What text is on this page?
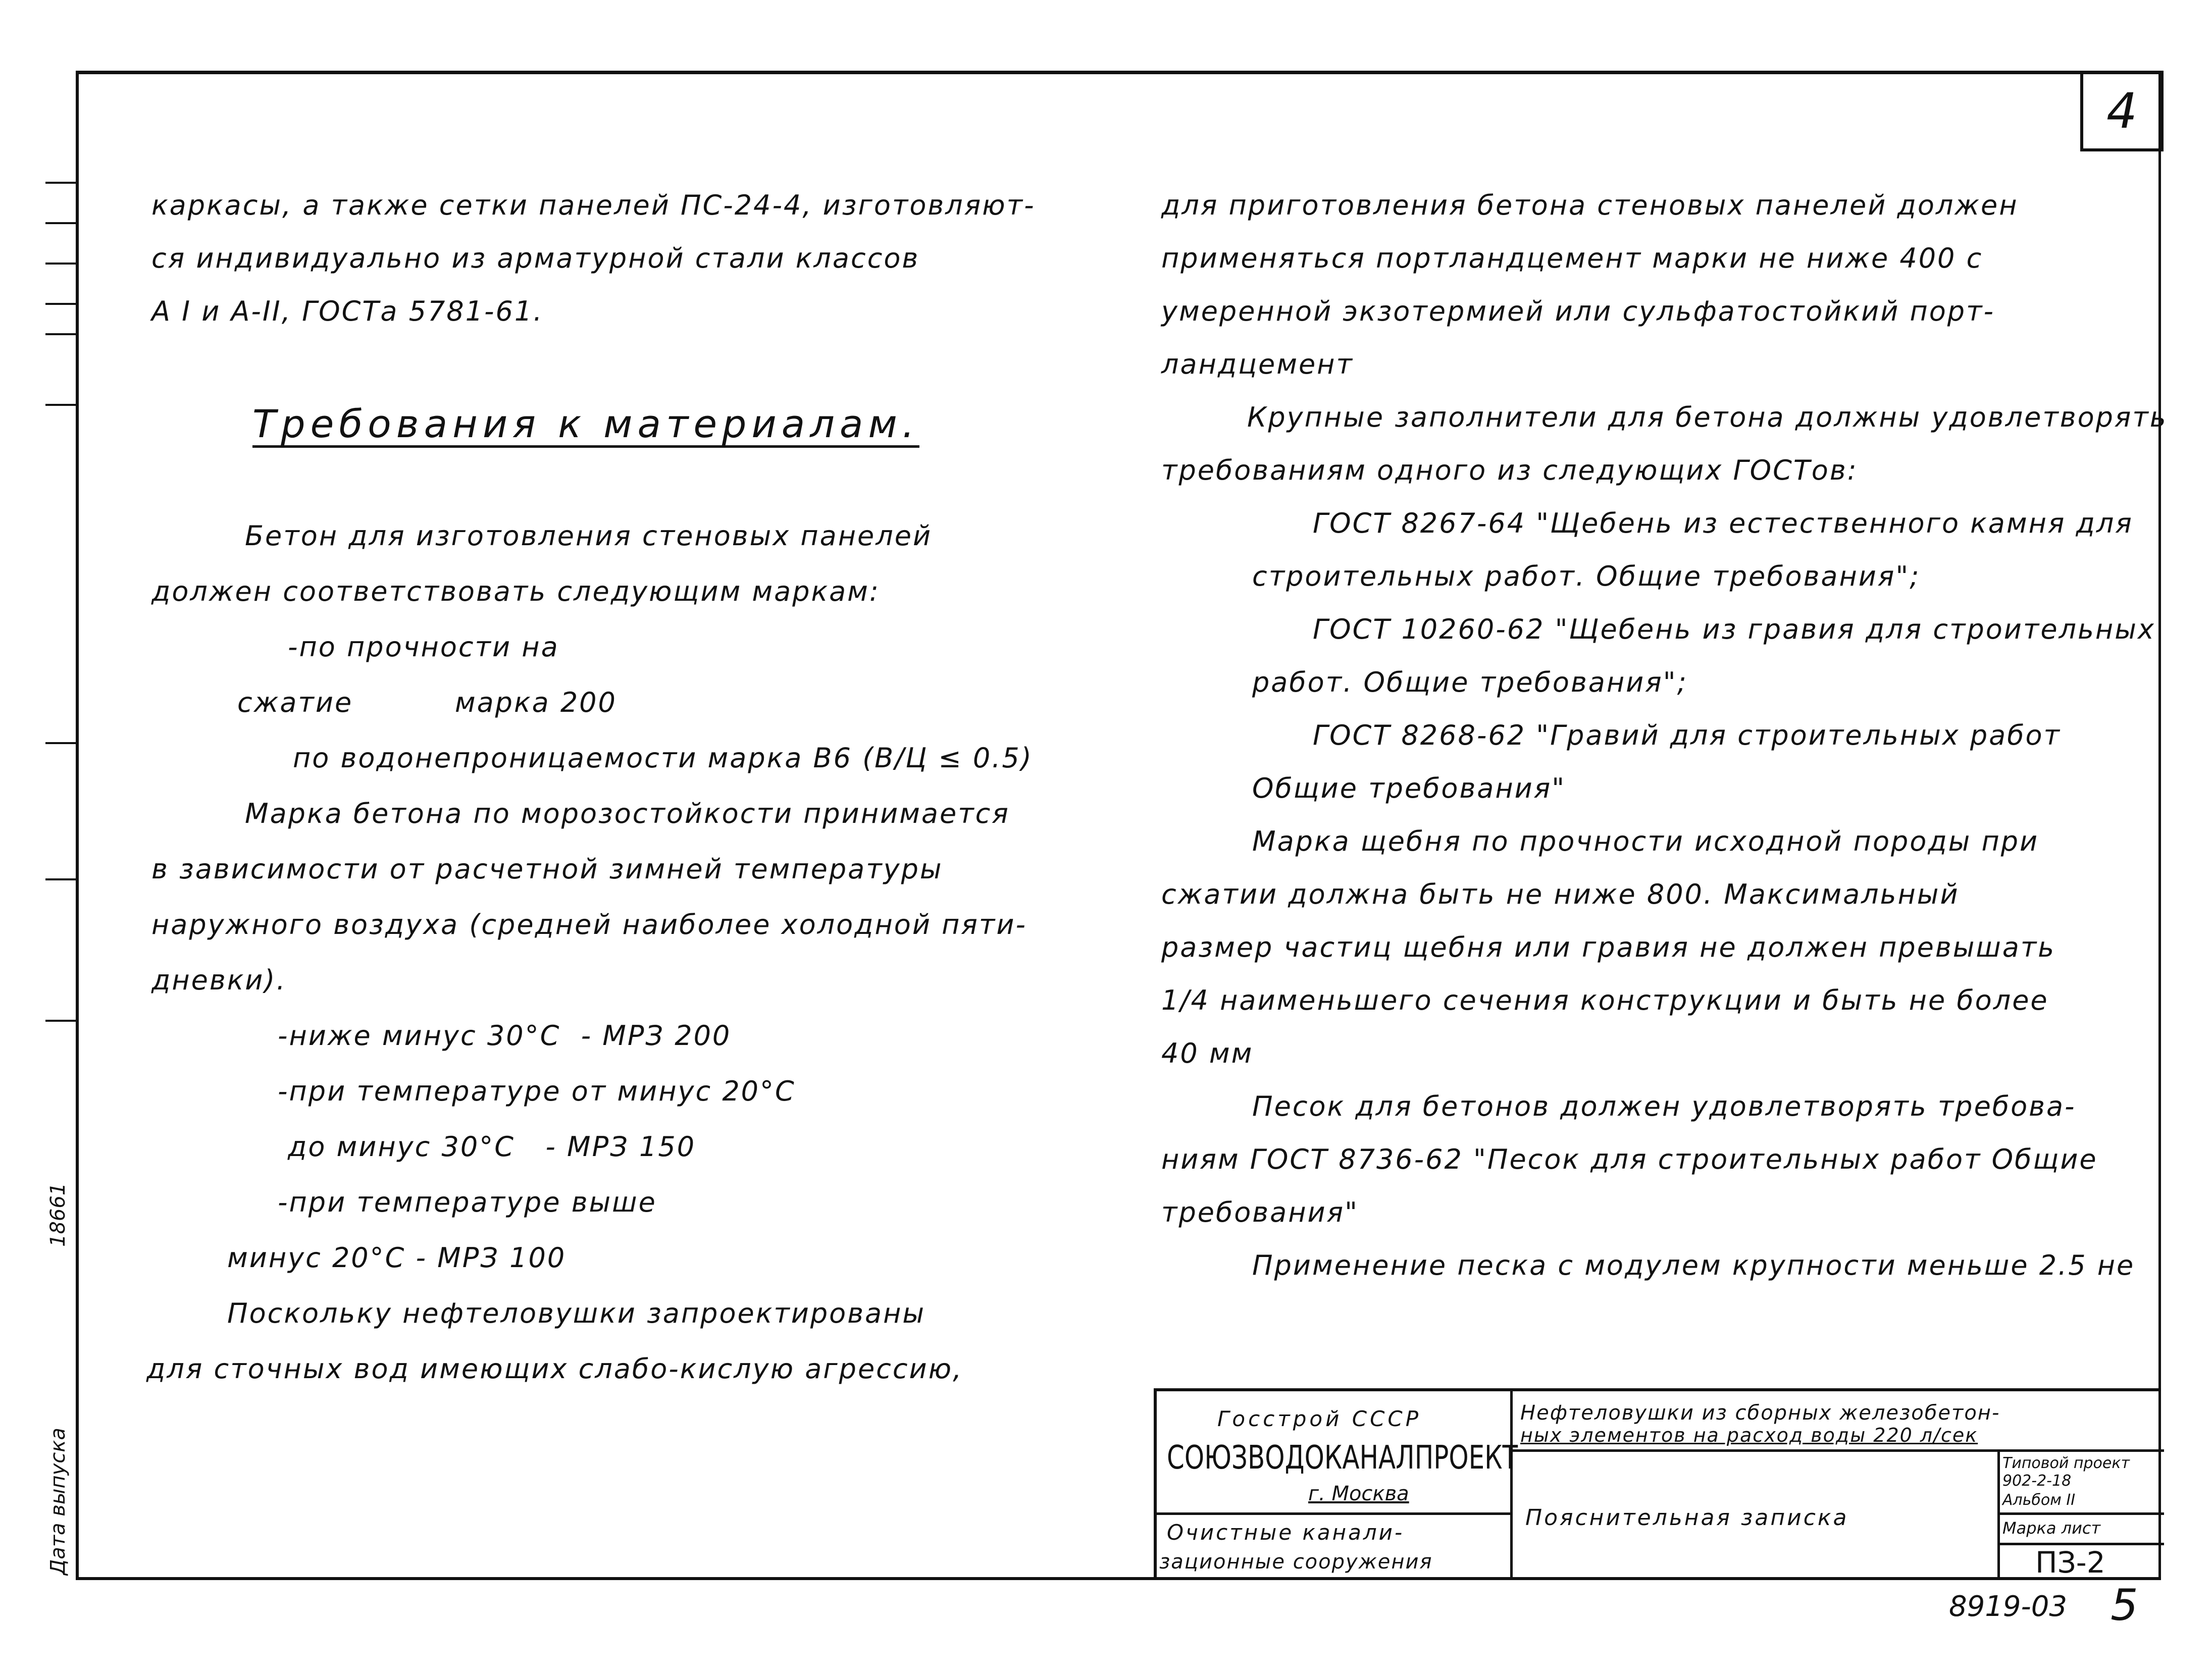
18661
Дата выпуска
4
каркасы, а также сетки панелей ПС-24-4, изготовляют-
ся индивидуально из арматурной стали классов
А I и А-II, ГОСТа 5781-61.
Требования к материалам.
Бетон для изготовления стеновых панелей
должен соответствовать следующим маркам:
-по прочности на
сжатие          марка 200
по водонепроницаемости марка В6 (В/Ц ≤ 0.5)
Марка бетона по морозостойкости принимается
в зависимости от расчетной зимней температуры
наружного воздуха (средней наиболее холодной пяти-
дневки).
-ниже минус 30°С  - МРЗ 200
-при температуре от минус 20°С
до минус 30°С   - МРЗ 150
-при температуре выше
минус 20°С - МРЗ 100
Поскольку нефтеловушки запроектированы
для сточных вод имеющих слабо-кислую агрессию,
для приготовления бетона стеновых панелей должен
применяться портландцемент марки не ниже 400 с
умеренной экзотермией или сульфатостойкий порт-
ландцемент
Крупные заполнители для бетона должны удовлетворять
требованиям одного из следующих ГОСТов:
ГОСТ 8267-64 "Щебень из естественного камня для
строительных работ. Общие требования";
ГОСТ 10260-62 "Щебень из гравия для строительных
работ. Общие требования";
ГОСТ 8268-62 "Гравий для строительных работ
Общие требования"
Марка щебня по прочности исходной породы при
сжатии должна быть не ниже 800. Максимальный
размер частиц щебня или гравия не должен превышать
1/4 наименьшего сечения конструкции и быть не более
40 мм
Песок для бетонов должен удовлетворять требова-
ниям ГОСТ 8736-62 "Песок для строительных работ Общие
требования"
Применение песка с модулем крупности меньше 2.5 не
Госстрой СССР
СОЮЗВОДОКАНАЛПРОЕКТ
г. Москва
Очистные канали-
зационные сооружения
Нефтеловушки из сборных железобетон-
ных элементов на расход воды 220 л/сек
Пояснительная записка
Типовой проект
902-2-18
Альбом II
Марка лист
ПЗ-2
8919-03 5
